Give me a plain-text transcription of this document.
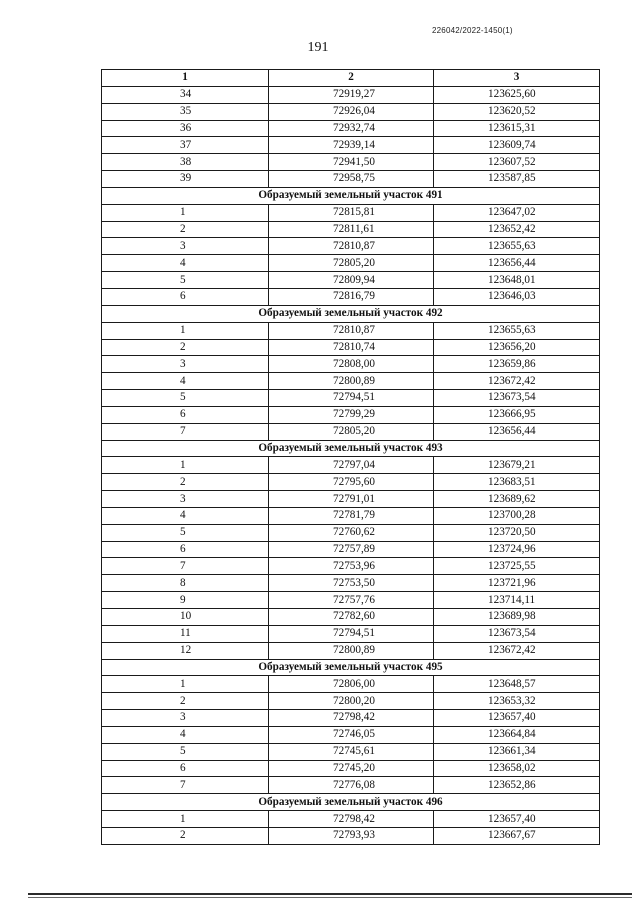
226042/2022-1450(1)
191
1	2	3
34	72919,27	123625,60
35	72926,04	123620,52
36	72932,74	123615,31
37	72939,14	123609,74
38	72941,50	123607,52
39	72958,75	123587,85
Образуемый земельный участок 491		
1	72815,81	123647,02
2	72811,61	123652,42
3	72810,87	123655,63
4	72805,20	123656,44
5	72809,94	123648,01
6	72816,79	123646,03
Образуемый земельный участок 492		
1	72810,87	123655,63
2	72810,74	123656,20
3	72808,00	123659,86
4	72800,89	123672,42
5	72794,51	123673,54
6	72799,29	123666,95
7	72805,20	123656,44
Образуемый земельный участок 493		
1	72797,04	123679,21
2	72795,60	123683,51
3	72791,01	123689,62
4	72781,79	123700,28
5	72760,62	123720,50
6	72757,89	123724,96
7	72753,96	123725,55
8	72753,50	123721,96
9	72757,76	123714,11
10	72782,60	123689,98
11	72794,51	123673,54
12	72800,89	123672,42
Образуемый земельный участок 495		
1	72806,00	123648,57
2	72800,20	123653,32
3	72798,42	123657,40
4	72746,05	123664,84
5	72745,61	123661,34
6	72745,20	123658,02
7	72776,08	123652,86
Образуемый земельный участок 496		
1	72798,42	123657,40
2	72793,93	123667,67
